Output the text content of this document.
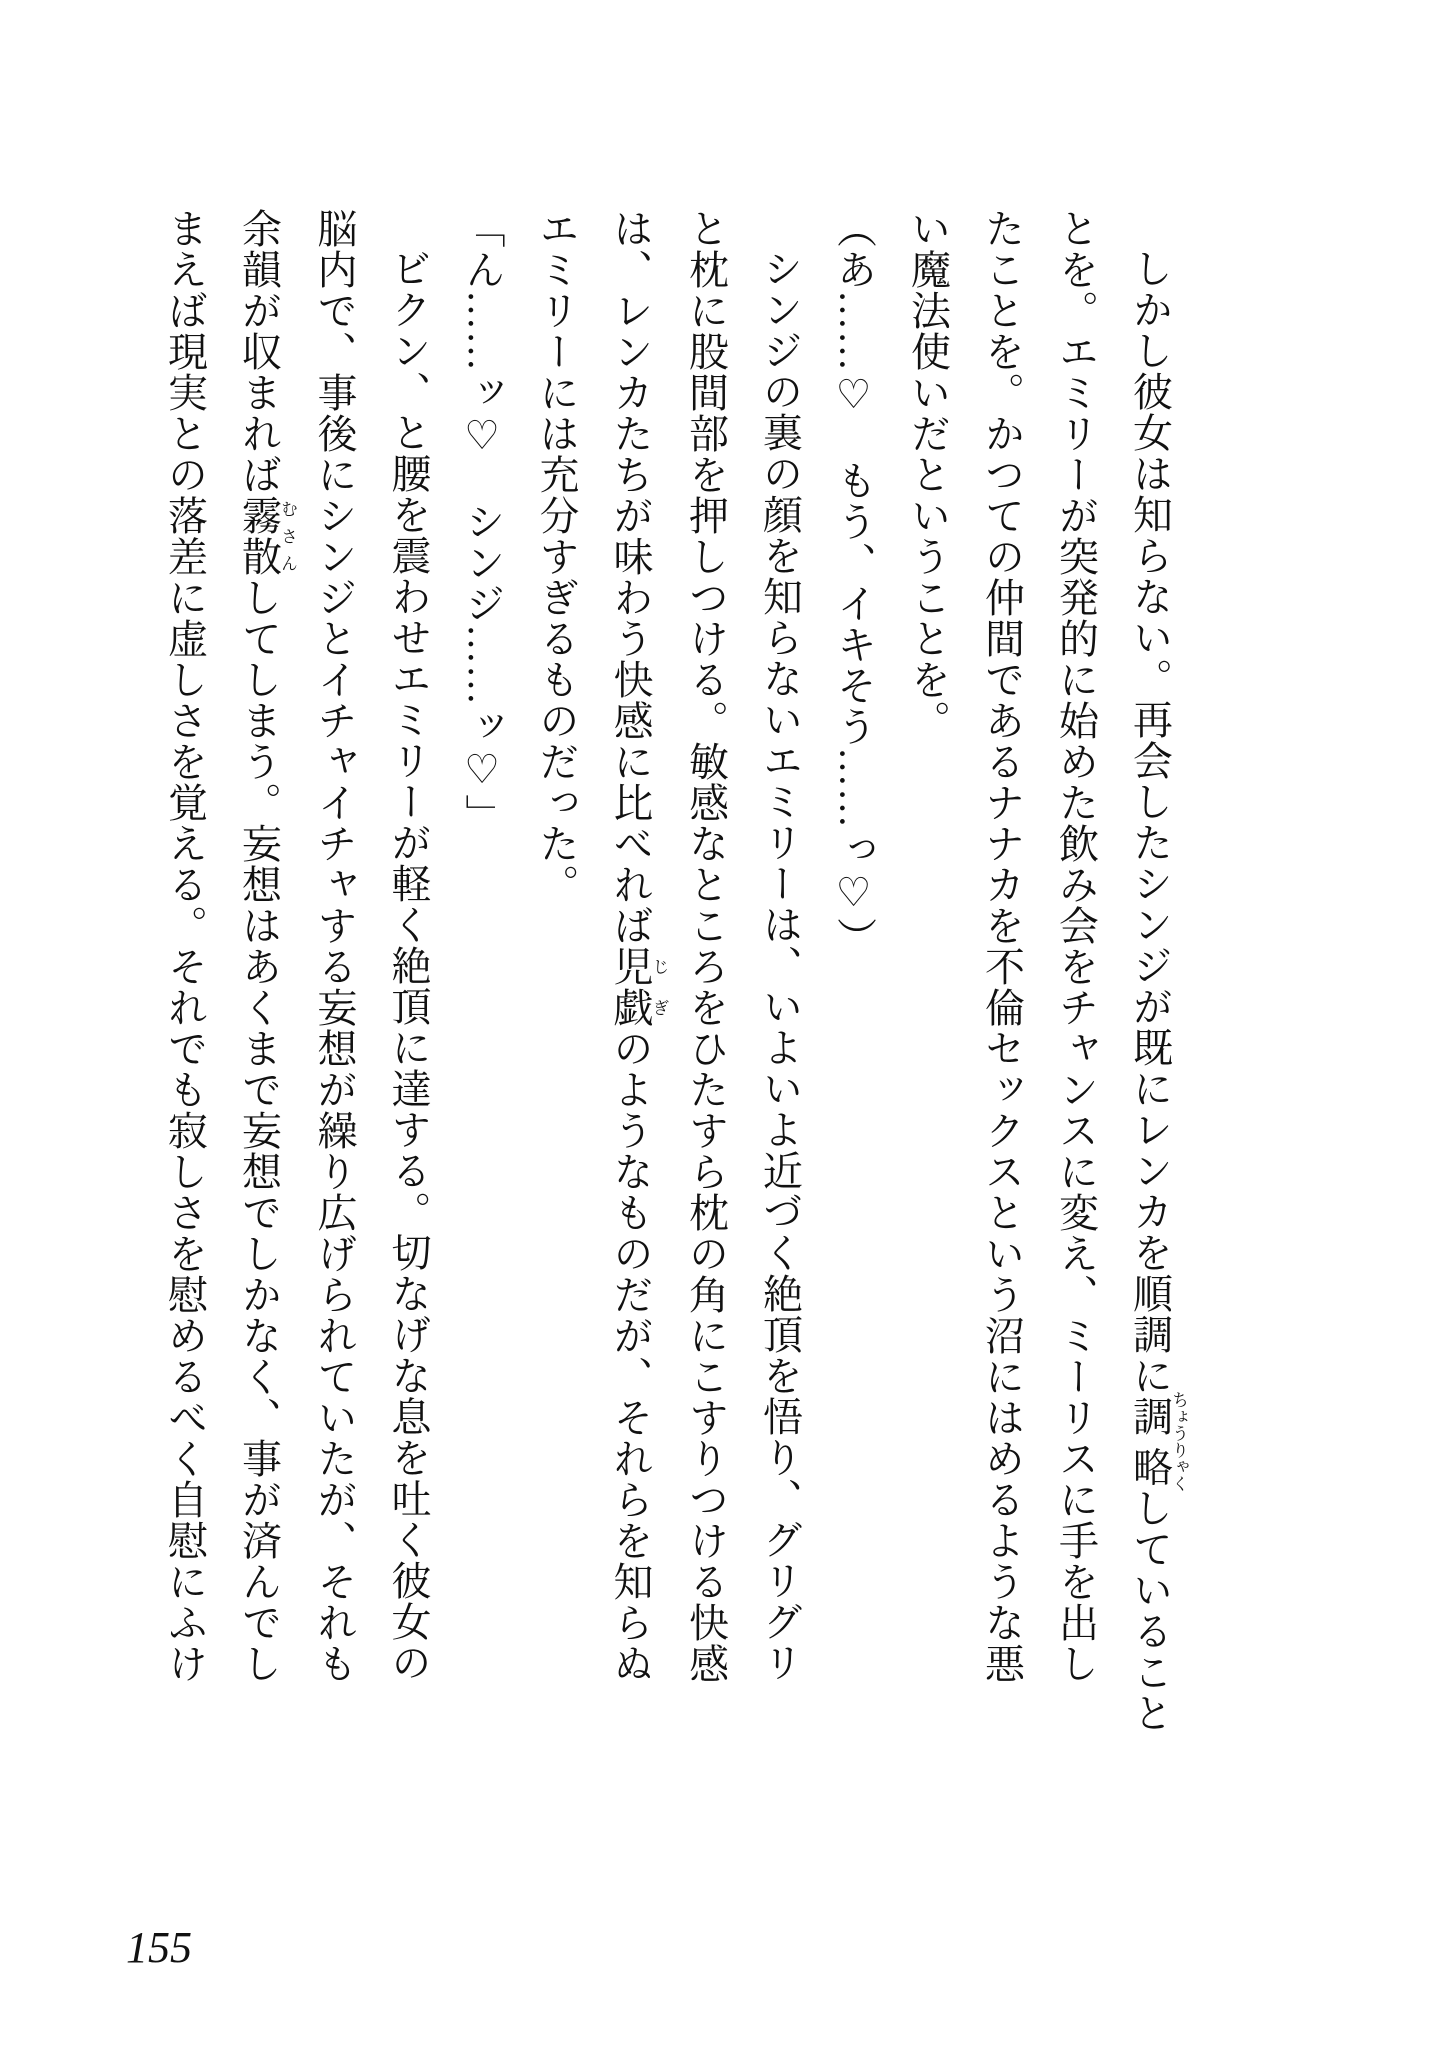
しかし彼女は知らない。再会したシンジが既にレンカを順調に調略ちょうりゃくしていること

とを。エミリーが突発的に始めた飲み会をチャンスに変え、ミーリスに手を出し

たことを。かつての仲間であるナナカを不倫セックスという沼にはめるような悪

い魔法使いだということを。

（あ……♡　もう、イキそう……っ♡）

シンジの裏の顔を知らないエミリーは、いよいよ近づく絶頂を悟り、グリグリ

と枕に股間部を押しつける。敏感なところをひたすら枕の角にこすりつける快感

は、レンカたちが味わう快感に比べれば児戯じぎのようなものだが、それらを知らぬ

エミリーには充分すぎるものだった。

「ん……ッ♡　シンジ……ッ♡」

ビクン、と腰を震わせエミリーが軽く絶頂に達する。切なげな息を吐く彼女の

脳内で、事後にシンジとイチャイチャする妄想が繰り広げられていたが、それも

余韻が収まれば霧散むさんしてしまう。妄想はあくまで妄想でしかなく、事が済んでし

まえば現実との落差に虚しさを覚える。それでも寂しさを慰めるべく自慰にふけ

155
